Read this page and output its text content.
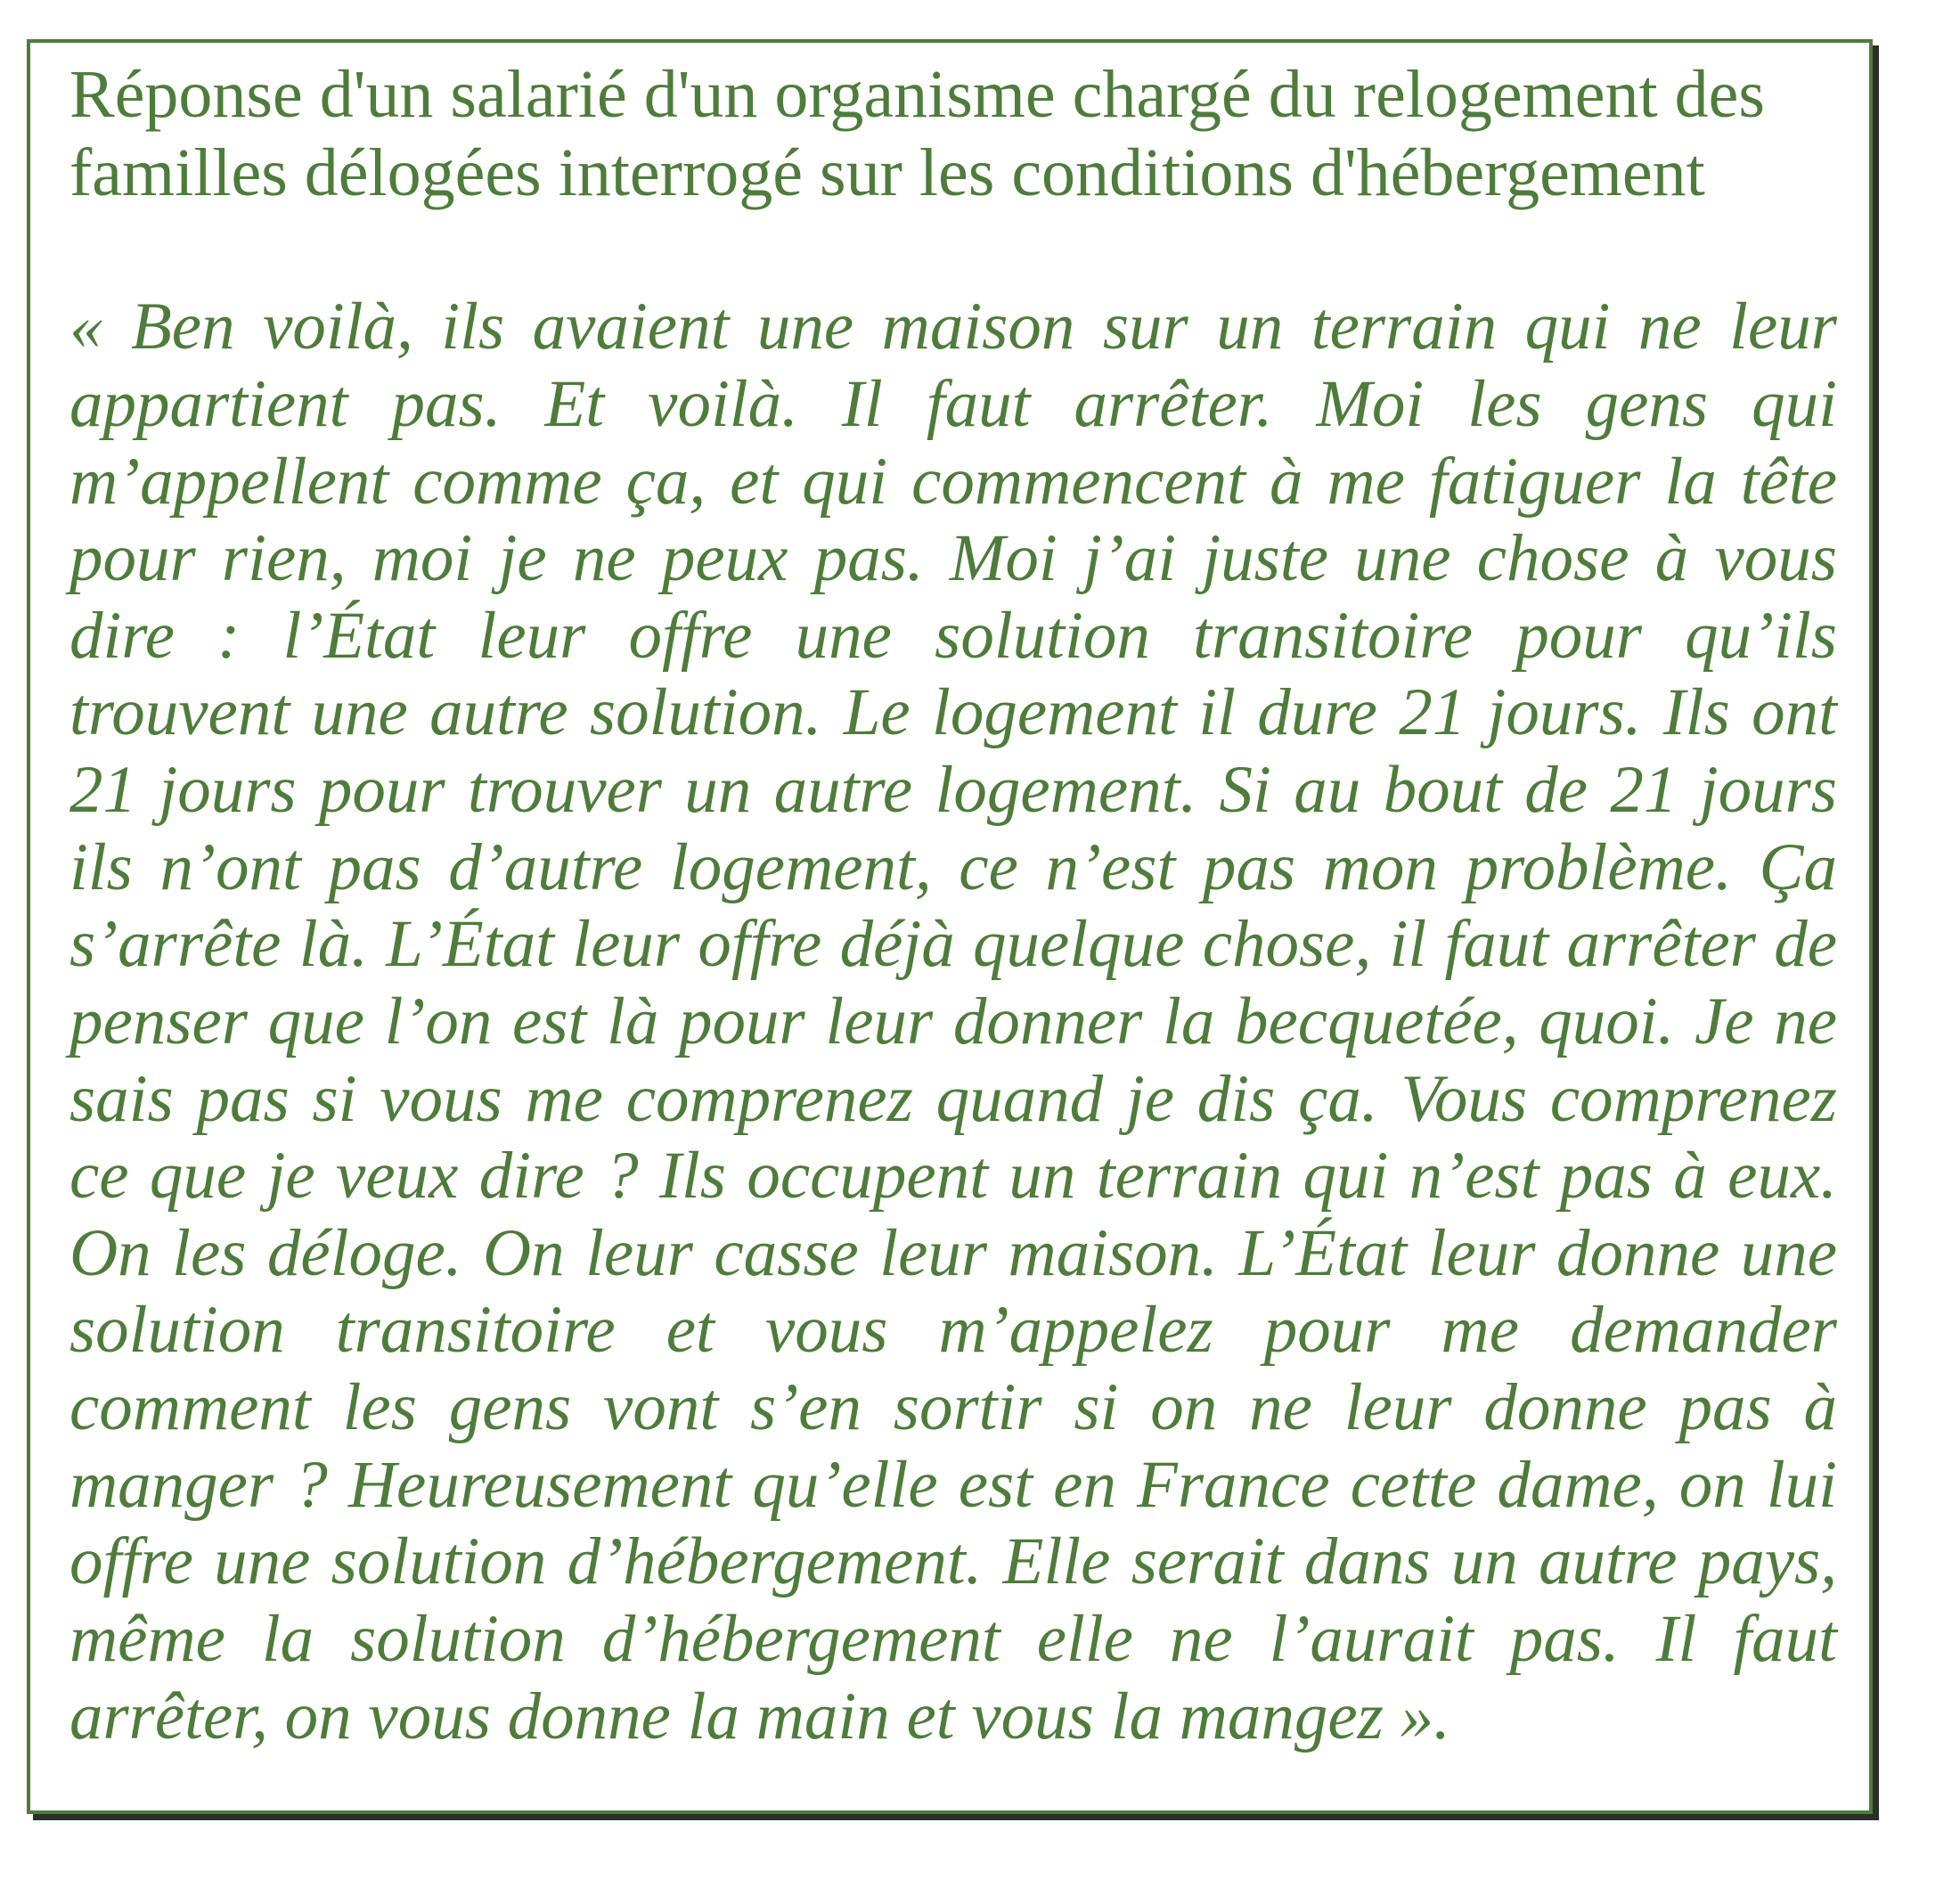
Réponse d'un salarié d'un organisme chargé du relogement des familles délogées interrogé sur les conditions d'hébergement

« Ben voilà, ils avaient une maison sur un terrain qui ne leur appartient pas. Et voilà. Il faut arrêter. Moi les gens qui m’appellent comme ça, et qui commencent à me fatiguer la tête pour rien, moi je ne peux pas. Moi j’ai juste une chose à vous dire : l’État leur offre une solution transitoire pour qu’ils trouvent une autre solution. Le logement il dure 21 jours. Ils ont 21 jours pour trouver un autre logement. Si au bout de 21 jours ils n’ont pas d’autre logement, ce n’est pas mon problème. Ça s’arrête là. L’État leur offre déjà quelque chose, il faut arrêter de penser que l’on est là pour leur donner la becquetée, quoi. Je ne sais pas si vous me comprenez quand je dis ça. Vous comprenez ce que je veux dire ? Ils occupent un terrain qui n’est pas à eux. On les déloge. On leur casse leur maison. L’État leur donne une solution transitoire et vous m’appelez pour me demander comment les gens vont s’en sortir si on ne leur donne pas à manger ? Heureusement qu’elle est en France cette dame, on lui offre une solution d’hébergement. Elle serait dans un autre pays, même la solution d’hébergement elle ne l’aurait pas. Il faut arrêter, on vous donne la main et vous la mangez ».
